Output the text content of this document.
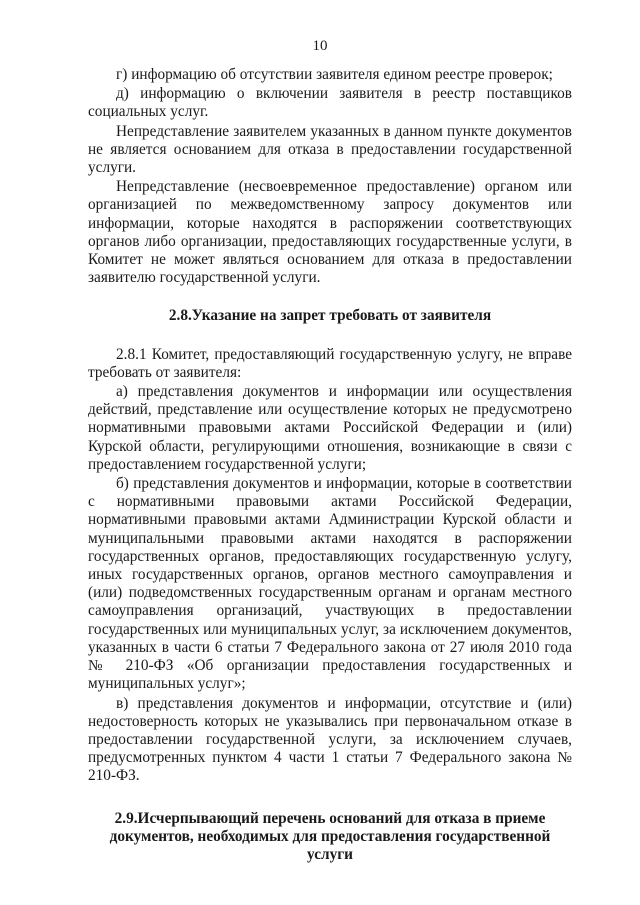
10

г) информацию об отсутствии заявителя едином реестре проверок;

д) информацию о включении заявителя в реестр поставщиков социальных услуг.

Непредставление заявителем указанных в данном пункте документов не является основанием для отказа в предоставлении государственной услуги.

Непредставление (несвоевременное предоставление) органом или организацией по межведомственному запросу документов или информации, которые находятся в распоряжении соответствующих органов либо организации, предоставляющих государственные услуги, в Комитет не может являться основанием для отказа в предоставлении заявителю государственной услуги.

2.8.Указание на запрет требовать от заявителя

2.8.1 Комитет, предоставляющий государственную услугу, не вправе требовать от заявителя:

а) представления документов и информации или осуществления действий, представление или осуществление которых не предусмотрено нормативными правовыми актами Российской Федерации и (или) Курской области, регулирующими отношения, возникающие в связи с предоставлением государственной услуги;

б) представления документов и информации, которые в соответствии с нормативными правовыми актами Российской Федерации, нормативными правовыми актами Администрации Курской области и муниципальными правовыми актами находятся в распоряжении государственных органов, предоставляющих государственную услугу, иных государственных органов, органов местного самоуправления и (или) подведомственных государственным органам и органам местного самоуправления организаций, участвующих в предоставлении государственных или муниципальных услуг, за исключением документов, указанных в части 6 статьи 7 Федерального закона от 27 июля 2010 года № 210-ФЗ «Об организации предоставления государственных и муниципальных услуг»;

в) представления документов и информации, отсутствие и (или) недостоверность которых не указывались при первоначальном отказе в предоставлении государственной услуги, за исключением случаев, предусмотренных пунктом 4 части 1 статьи 7 Федерального закона № 210-ФЗ.

2.9.Исчерпывающий перечень оснований для отказа в приеме документов, необходимых для предоставления государственной услуги
